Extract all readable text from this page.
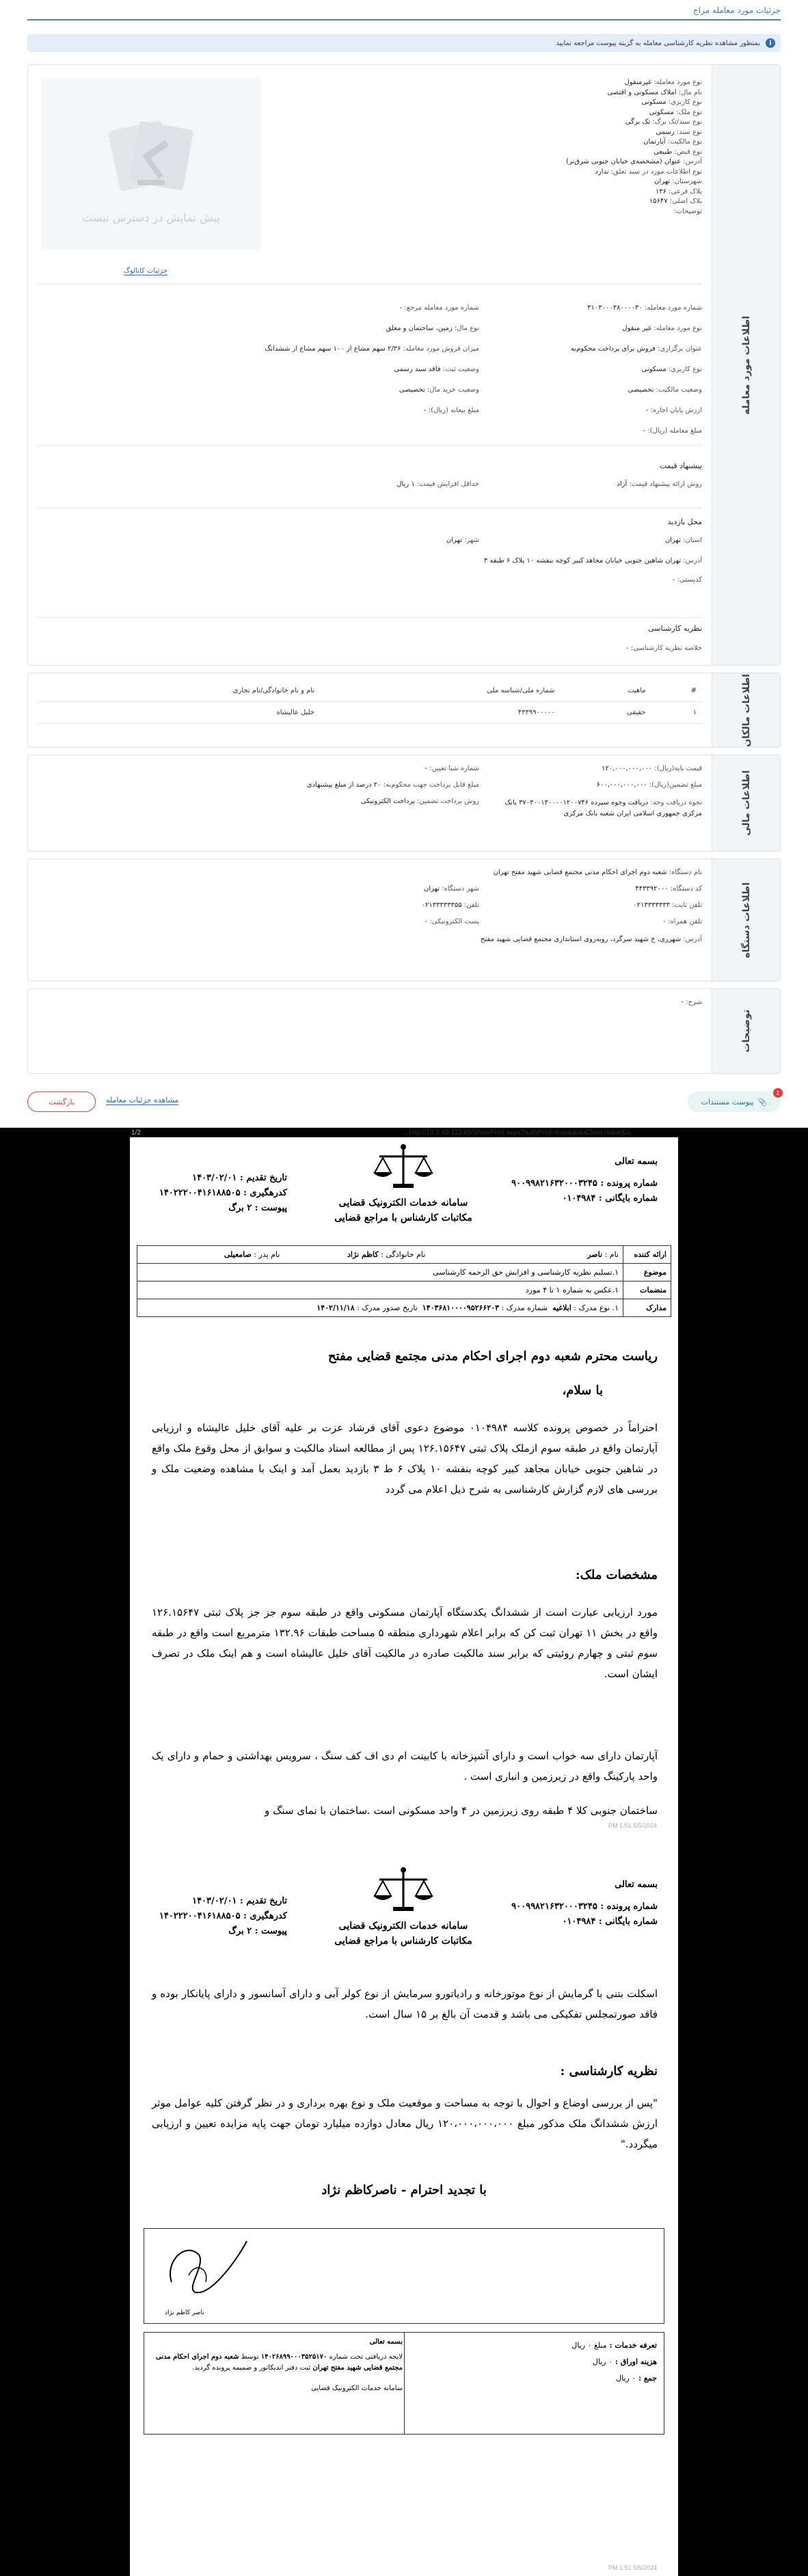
جزئیات مورد معامله مزاج
i
بمنظور مشاهده نظریه کارشناسی معامله به گزینه پیوست مراجعه نمایید
اطلاعات مورد معامله
نوع مورد معامله: غیرمنقول
نام مال: املاک مسکونی و اقتصی
نوع کاربری: مسکونی
نوع ملک: مسکونی
نوع سند/تک برگ: تک برگی
نوع سند: رسمی
نوع مالکیت: آپارتمان
نوع قبض: طبیعی
آدرس: عنوان (مشخصه‌ی خیابان جنوبی شرق‌تر)
نوع اطلاعات مورد در سند تعلق: ندارد
شهرستان: تهران
پلاک فرعی: ۱۳۶
پلاک اصلی: ۱۵۶۴۷
توضیحات:
پیش نمایش در دسترس نیست
جزئیات کاتالوگ
شماره مورد معامله: ۳۱۰۳۰۰۰۳۸۰۰۰۰۳۰
شماره مورد معامله مرجع: -
نوع مورد معامله: غیر منقول
نوع مال: زمین، ساختمان و معلق
عنوان برگزاری: فروش برای پرداخت محکوم‌به
میزان فروش مورد معامله: ۲/۳۶ سهم مشاع از ۱۰۰ سهم مشاع از ششدانگ
نوع کاربری: مسکونی
وضعیت ثبت: فاقد سند رسمی
وضعیت مالکیت: تخصیصی
وضعیت خرید مال: تخصیصی
ارزش پایان اجاره: -
مبلغ بیعانه (ریال): -
مبلغ معامله (ریال): -
پیشنهاد قیمت
روش ارائه پیشنهاد قیمت: آزاد
حداقل افزایش قیمت: ۱ ریال
محل بازدید
استان: تهران
شهر: تهران
آدرس: تهران شاهین جنوبی خیابان مجاهد کبیر کوچه بنفشه ۱۰ پلاک ۶ طبقه ۳
کدپستی: -
نظریه کارشناسی
خلاصه نظریه کارشناسی: -
اطلاعات مالکان
#	ماهیت	شماره ملی/شناسه ملی	نام و نام خانوادگی/نام تجاری
۱	حقیقی	۴۳۳۹۹۰۰۰۰۰	خلیل عالیشاه
اطلاعات مالی
قیمت پایه(ریال): ۱۲۰,۰۰۰,۰۰۰,۰۰۰
شماره شبا تعیین: -
مبلغ تضمین(ریال): ۶۰۰,۰۰۰,۰۰۰,۰۰۰
مبلغ قابل پرداخت جهت محکوم‌به: ۲۰ درصد از مبلغ پیشنهادی
نحوه دریافت وجه: دریافت وجوه سپرده ۳۷۰۳۰۰۱۳۰۰۰۰۱۲۰۰۷۴۶ بانک مرکزی جمهوری اسلامی ایران شعبه بانک مرکزی
روش پرداخت تضمین: پرداخت الکترونیکی
اطلاعات دستگاه
نام دستگاه: شعبه دوم اجرای احکام مدنی مجتمع قضایی شهید مفتح تهران
کد دستگاه: ۴۴۳۳۹۲۰۰۰
شهر دستگاه: تهران
تلفن ثابت: ۰۲۱۳۳۳۳۳۳۳
تلفن: ۰۲۱۳۳۳۳۳۳۵۵
تلفن همراه: -
پست الکترونیکی: -
آدرس: شهرری، خ شهید سرگرد، رو‌به‌روی استانداری مجتمع قضایی شهید مفتح
توضیحات
شرح: -
📎
پیوست مستندات
1
بازگشت	مشاهده جزئیات معامله
http://10.2.49.113:89/ShowPrint.aspx?autoPrint=true&autoClose=false&is...
1/2
بسمه تعالی
شماره پرونده : ۹۰۰۹۹۸۲۱۶۳۲۰۰۰۳۲۴۵
شماره بایگانی : ۰۱۰۴۹۸۴
سامانه خدمات الکترونیک قضایی
مکاتبات کارشناس با مراجع قضایی
تاریخ تقدیم : ۱۴۰۳/۰۲/۰۱
کدرهگیری : ۱۴۰۲۲۲۰۰۴۱۶۱۸۸۵۰۵
پیوست : ۲ برگ
ارائه کننده	نام : ناصر نام خانوادگی : کاظم نژاد نام پدر : صامعیلی
موضوع	۱.تسلیم نظریه کارشناسی و افزایش حق الزحمه کارشناسی
منضمات	۱.عکس به شماره ۱ تا ۴ مورد
مدارک	۱. نوع مدرک : ابلاغیه  شماره مدرک : ۱۴۰۳۶۸۱۰۰۰۰۹۵۲۶۶۲۰۳  تاریخ صدور مدرک : ۱۴۰۲/۱۱/۱۸
ریاست محترم شعبه دوم اجرای احکام مدنی مجتمع قضایی مفتح
با سلام،
احتراماً در خصوص پرونده کلاسه ۰۱۰۴۹۸۴ موضوع دعوی آقای فرشاد عزت بر علیه آقای خلیل عالیشاه و ارزیابی آپارتمان واقع در طبقه سوم ازملک پلاک ثبتی ۱۲۶.۱۵۶۴۷ پس از مطالعه اسناد مالکیت و سوابق از محل وقوع ملک واقع در شاهین جنوبی خیابان مجاهد کبیر کوچه بنفشه ۱۰ پلاک ۶ ط ۳ بازدید بعمل آمد و اینک با مشاهده وضعیت ملک و بررسی های لازم گزارش کارشناسی به شرح ذیل اعلام می گردد
مشخصات ملک:
مورد ارزیابی عبارت است از ششدانگ یکدستگاه آپارتمان مسکونی واقع در طبقه سوم جز جز پلاک ثبتی ۱۲۶.۱۵۶۴۷ واقع در بخش ۱۱ تهران ثبت کن که برابر اعلام شهرداری منطقه ۵ مساحت طبقات ۱۳۲.۹۶ مترمربع است واقع در طبقه سوم ثبتی و چهارم روئیتی که برابر سند مالکیت صادره در مالکیت آقای خلیل عالیشاه است و هم اینک ملک در تصرف ایشان است.
آپارتمان دارای سه خواب است و دارای آشپزخانه با کابینت ام دی اف کف سنگ ، سرویس بهداشتی و حمام و دارای یک واحد پارکینگ واقع در زیرزمین و انباری است .
ساختمان جنوبی کلا ۴ طبقه روی زیرزمین در ۴ واحد مسکونی است .ساختمان با نمای سنگ و
5/5/2024 1:51 PM
بسمه تعالی
شماره پرونده : ۹۰۰۹۹۸۲۱۶۳۲۰۰۰۳۲۴۵
شماره بایگانی : ۰۱۰۴۹۸۴
سامانه خدمات الکترونیک قضایی
مکاتبات کارشناس با مراجع قضایی
تاریخ تقدیم : ۱۴۰۳/۰۲/۰۱
کدرهگیری : ۱۴۰۲۲۲۰۰۴۱۶۱۸۸۵۰۵
پیوست : ۲ برگ
اسکلت بتنی با گرمایش از نوع موتورخانه و رادیاتورو سرمایش از نوع کولر آبی و دارای آسانسور و دارای پایانکار بوده و فاقد صورتمجلس تفکیکی می باشد و قدمت آن بالغ بر ۱۵ سال است.
نظریه کارشناسی :
"پس از بررسی اوضاع و احوال با توجه به مساحت و موقعیت ملک و نوع بهره برداری و در نظر گرفتن کلیه عوامل موثر ارزش ششدانگ ملک مذکور مبلغ ۱۲۰،۰۰۰،۰۰۰،۰۰۰ ریال معادل دوازده میلیارد تومان جهت پایه مزایده تعیین و ارزیابی میگردد."
با تجدید احترام - ناصرکاظم نژاد
ناصر کاظم نژاد
تعرفه خدمات : مبلغ ۰ ریال
هزینه اوراق : ۰ ریال
جمع : ۰ ریال
بسمه تعالی
لایحه دریافتی تحت شماره ۱۴۰۲۶۸۹۹۰۰۰۳۵۲۵۱۷۰ توسط شعبه دوم اجرای احکام مدنی مجتمع قضایی شهید مفتح تهران ثبت دفتر اندیکاتور و ضمیمه پرونده گردید.
سامانه خدمات الکترونیک قضایی
5/5/2024 1:51 PM
